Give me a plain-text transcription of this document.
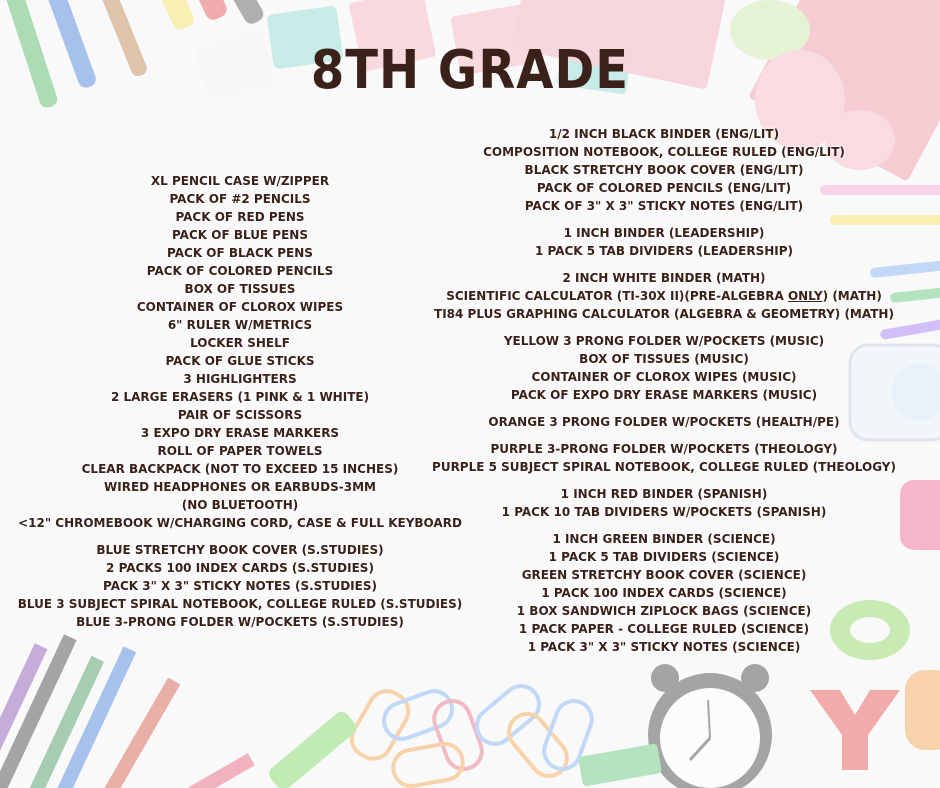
8TH GRADE
XL PENCIL CASE W/ZIPPER
PACK OF #2 PENCILS
PACK OF RED PENS
PACK OF BLUE PENS
PACK OF BLACK PENS
PACK OF COLORED PENCILS
BOX OF TISSUES
CONTAINER OF CLOROX WIPES
6" RULER W/METRICS
LOCKER SHELF
PACK OF GLUE STICKS
3 HIGHLIGHTERS
2 LARGE ERASERS (1 PINK & 1 WHITE)
PAIR OF SCISSORS
3 EXPO DRY ERASE MARKERS
ROLL OF PAPER TOWELS
CLEAR BACKPACK (NOT TO EXCEED 15 INCHES)
WIRED HEADPHONES OR EARBUDS-3MM
(NO BLUETOOTH)
<12" CHROMEBOOK W/CHARGING CORD, CASE & FULL KEYBOARD
BLUE STRETCHY BOOK COVER (S.STUDIES)
2 PACKS 100 INDEX CARDS (S.STUDIES)
PACK 3" X 3" STICKY NOTES (S.STUDIES)
BLUE 3 SUBJECT SPIRAL NOTEBOOK, COLLEGE RULED (S.STUDIES)
BLUE 3-PRONG FOLDER W/POCKETS (S.STUDIES)
1/2 INCH BLACK BINDER (ENG/LIT)
COMPOSITION NOTEBOOK, COLLEGE RULED (ENG/LIT)
BLACK STRETCHY BOOK COVER (ENG/LIT)
PACK OF COLORED PENCILS (ENG/LIT)
PACK OF 3" X 3" STICKY NOTES (ENG/LIT)
1 INCH BINDER (LEADERSHIP)
1 PACK 5 TAB DIVIDERS (LEADERSHIP)
2 INCH WHITE BINDER (MATH)
SCIENTIFIC CALCULATOR (TI-30X II)(PRE-ALGEBRA ONLY) (MATH)
TI84 PLUS GRAPHING CALCULATOR (ALGEBRA & GEOMETRY) (MATH)
YELLOW 3 PRONG FOLDER W/POCKETS (MUSIC)
BOX OF TISSUES (MUSIC)
CONTAINER OF CLOROX WIPES (MUSIC)
PACK OF EXPO DRY ERASE MARKERS (MUSIC)
ORANGE 3 PRONG FOLDER W/POCKETS (HEALTH/PE)
PURPLE 3-PRONG FOLDER W/POCKETS (THEOLOGY)
PURPLE 5 SUBJECT SPIRAL NOTEBOOK, COLLEGE RULED (THEOLOGY)
1 INCH RED BINDER (SPANISH)
1 PACK 10 TAB DIVIDERS W/POCKETS (SPANISH)
1 INCH GREEN BINDER (SCIENCE)
1 PACK 5 TAB DIVIDERS (SCIENCE)
GREEN STRETCHY BOOK COVER (SCIENCE)
1 PACK 100 INDEX CARDS (SCIENCE)
1 BOX SANDWICH ZIPLOCK BAGS (SCIENCE)
1 PACK PAPER - COLLEGE RULED (SCIENCE)
1 PACK 3" X 3" STICKY NOTES (SCIENCE)
